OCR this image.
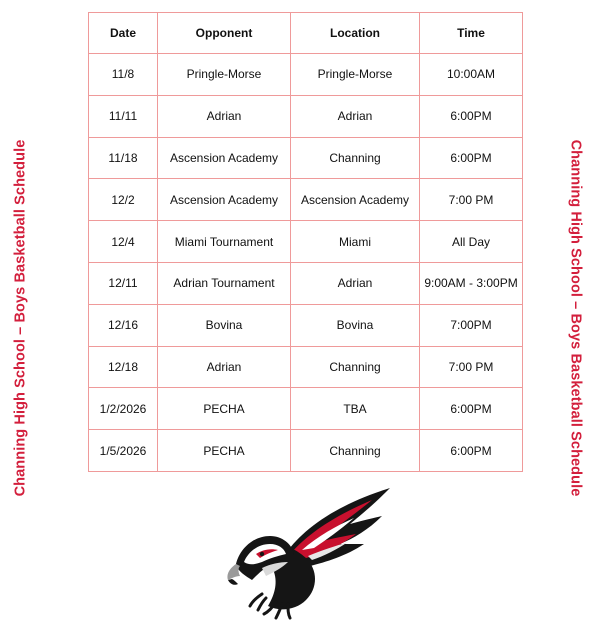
Channing High School – Boys Basketball Schedule	Channing High School – Boys Basketball Schedule
Date	Opponent	Location	Time
11/8	Pringle-Morse	Pringle-Morse	10:00AM
11/11	Adrian	Adrian	6:00PM
11/18	Ascension Academy	Channing	6:00PM
12/2	Ascension Academy	Ascension Academy	7:00 PM
12/4	Miami Tournament	Miami	All Day
12/11	Adrian Tournament	Adrian	9:00AM - 3:00PM
12/16	Bovina	Bovina	7:00PM
12/18	Adrian	Channing	7:00 PM
1/2/2026	PECHA	TBA	6:00PM
1/5/2026	PECHA	Channing	6:00PM
